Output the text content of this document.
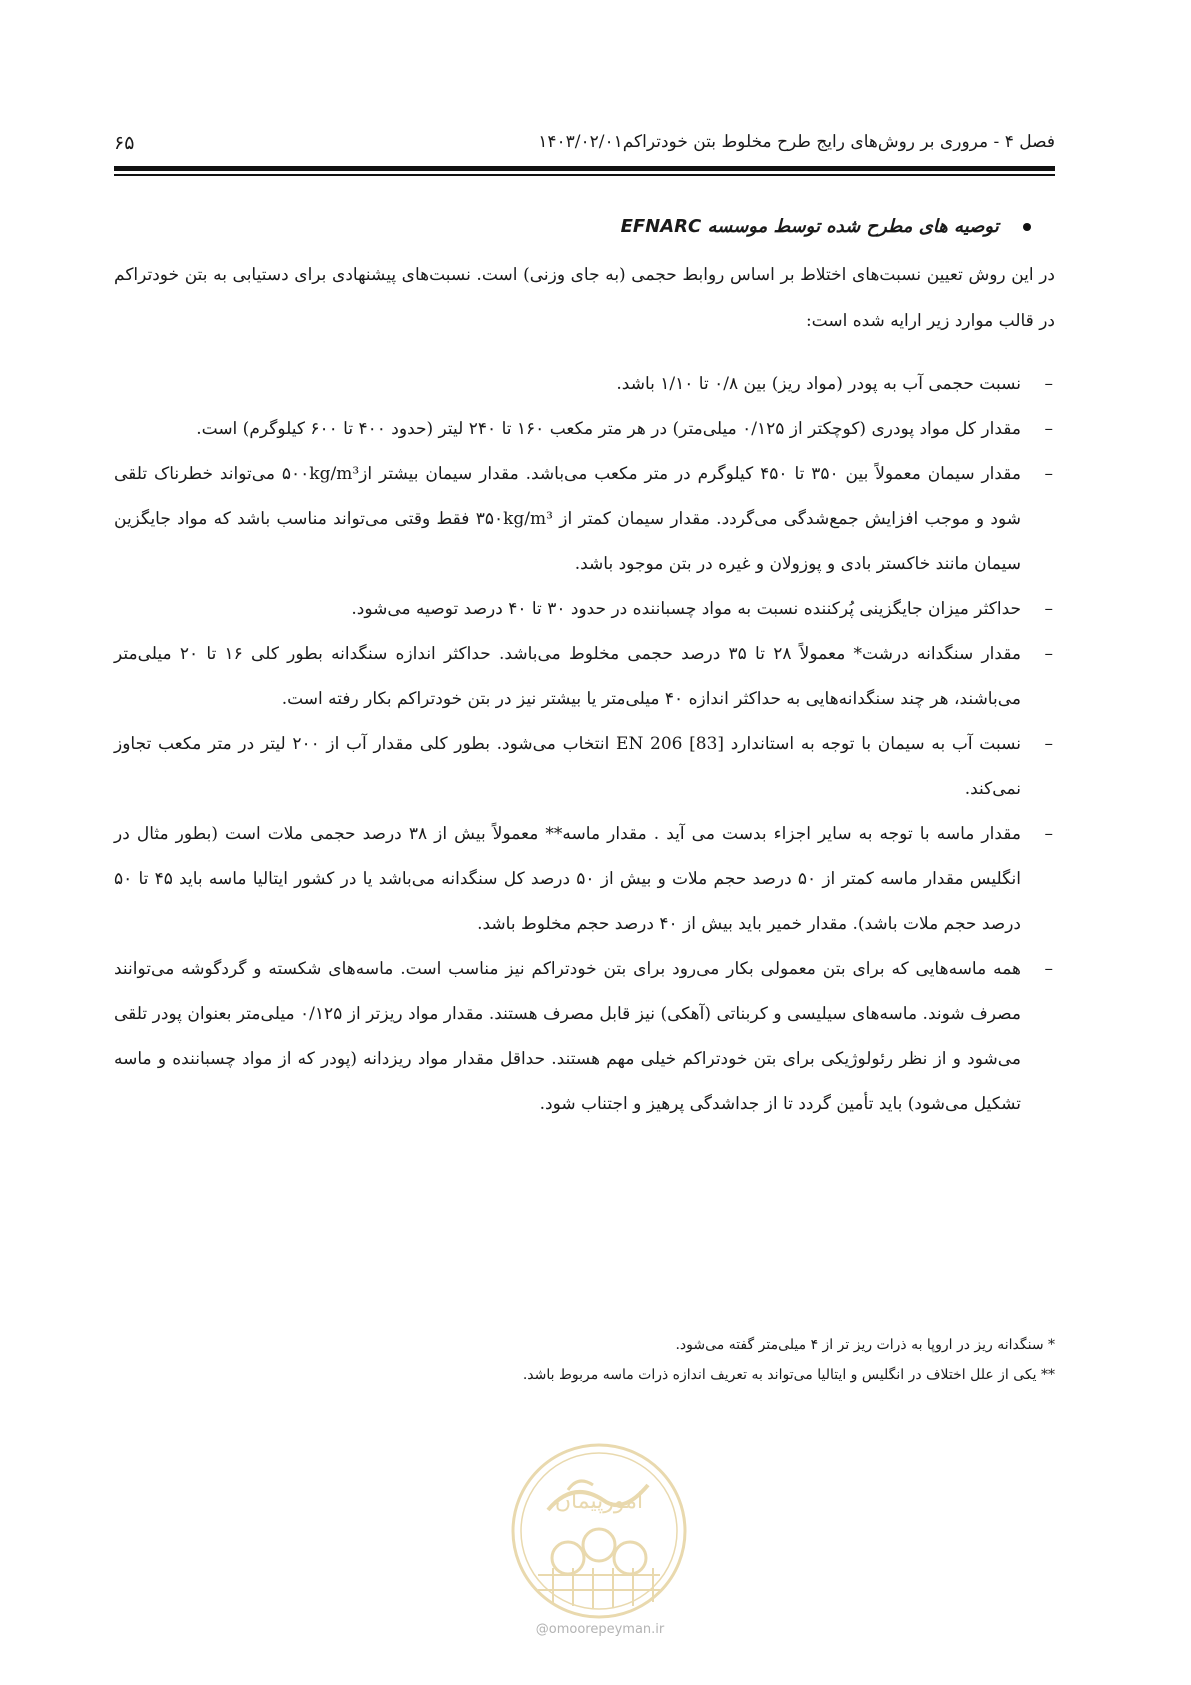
فصل ۴ - مروری بر روش‌های رایج طرح مخلوط بتن خودتراکم۱۴۰۳/۰۲/۰۱
۶۵
توصیه های مطرح شده توسط موسسه EFNARC
در این روش تعیین نسبت‌های اختلاط بر اساس روابط حجمی (به جای وزنی) است. نسبت‌های پیشنهادی برای دستیابی به بتن خودتراکم در قالب موارد زیر ارایه شده است:
–
نسبت حجمی آب به پودر (مواد ریز) بین ۰/۸ تا ۱/۱۰ باشد.
–
مقدار کل مواد پودری (کوچکتر از ۰/۱۲۵ میلی‌متر) در هر متر مکعب ۱۶۰ تا ۲۴۰ لیتر (حدود ۴۰۰ تا ۶۰۰ کیلوگرم) است.
–
مقدار سیمان معمولاً بین ۳۵۰ تا ۴۵۰ کیلوگرم در متر مکعب می‌باشد. مقدار سیمان بیشتر از۵۰۰kg/m³ می‌تواند خطرناک تلقی شود و موجب افزایش جمع‌شدگی می‌گردد. مقدار سیمان کمتر از ۳۵۰kg/m³ فقط وقتی می‌تواند مناسب باشد که مواد جایگزین سیمان مانند خاکستر بادی و پوزولان و غیره در بتن موجود باشد.
–
حداکثر میزان جایگزینی پُرکننده نسبت به مواد چسباننده در حدود ۳۰ تا ۴۰ درصد توصیه می‌شود.
–
مقدار سنگدانه درشت* معمولاً ۲۸ تا ۳۵ درصد حجمی مخلوط می‌باشد. حداکثر اندازه سنگدانه بطور کلی ۱۶ تا ۲۰ میلی‌متر می‌باشند، هر چند سنگدانه‌هایی به حداکثر اندازه ۴۰ میلی‌متر یا بیشتر نیز در بتن خودتراکم بکار رفته است.
–
نسبت آب به سیمان با توجه به استاندارد EN 206 [83] انتخاب می‌شود. بطور کلی مقدار آب از ۲۰۰ لیتر در متر مکعب تجاوز نمی‌کند.
–
مقدار ماسه با توجه به سایر اجزاء بدست می آید . مقدار ماسه** معمولاً بیش از ۳۸ درصد حجمی ملات است (بطور مثال در انگلیس مقدار ماسه کمتر از ۵۰ درصد حجم ملات و بیش از ۵۰ درصد کل سنگدانه می‌باشد یا در کشور ایتالیا ماسه باید ۴۵ تا ۵۰ درصد حجم ملات باشد). مقدار خمیر باید بیش از ۴۰ درصد حجم مخلوط باشد.
–
همه ماسه‌هایی که برای بتن معمولی بکار می‌رود برای بتن خودتراکم نیز مناسب است. ماسه‌های شکسته و گردگوشه می‌توانند مصرف شوند. ماسه‌های سیلیسی و کربناتی (آهکی) نیز قابل مصرف هستند. مقدار مواد ریزتر از ۰/۱۲۵ میلی‌متر بعنوان پودر تلقی می‌شود و از نظر رئولوژیکی برای بتن خودتراکم خیلی مهم هستند. حداقل مقدار مواد ریزدانه (پودر که از مواد چسباننده و ماسه تشکیل می‌شود) باید تأمین گردد تا از جداشدگی پرهیز و اجتناب شود.
* سنگدانه ریز در اروپا به ذرات ریز تر از ۴ میلی‌متر گفته می‌شود.
** یکی از علل اختلاف در انگلیس و ایتالیا می‌تواند به تعریف اندازه ذرات ماسه مربوط باشد.
امورپیمان
@omoorepeyman.ir
